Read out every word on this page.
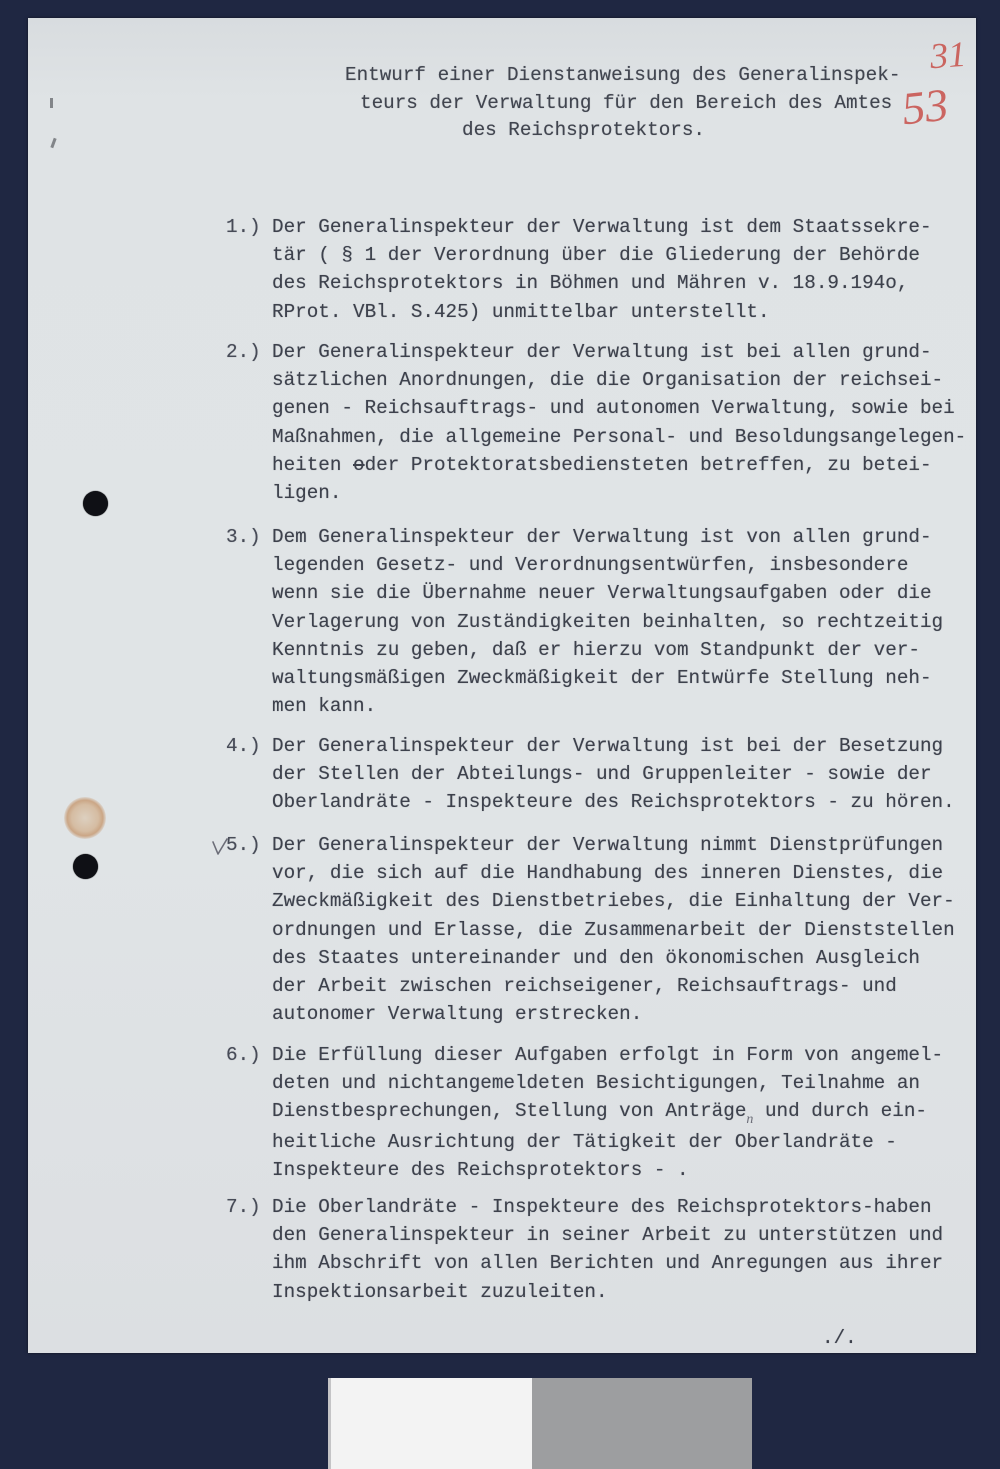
Entwurf einer Dienstanweisung des Generalinspek-
teurs der Verwaltung für den Bereich des Amtes
des Reichsprotektors.
31
53
1.) Der Generalinspekteur der Verwaltung ist dem Staatssekre-
tär ( § 1 der Verordnung über die Gliederung der Behörde
des Reichsprotektors in Böhmen und Mähren v. 18.9.194o,
RProt. VBl. S.425) unmittelbar unterstellt.
2.) Der Generalinspekteur der Verwaltung ist bei allen grund-
sätzlichen Anordnungen, die die Organisation der reichsei-
genen - Reichsauftrags- und autonomen Verwaltung, sowie bei
Maßnahmen, die allgemeine Personal- und Besoldungsangelegen-
heiten oder Protektoratsbediensteten betreffen, zu betei-
ligen.
3.) Dem Generalinspekteur der Verwaltung ist von allen grund-
legenden Gesetz- und Verordnungsentwürfen, insbesondere
wenn sie die Übernahme neuer Verwaltungsaufgaben oder die
Verlagerung von Zuständigkeiten beinhalten, so rechtzeitig
Kenntnis zu geben, daß er hierzu vom Standpunkt der ver-
waltungsmäßigen Zweckmäßigkeit der Entwürfe Stellung neh-
men kann.
4.) Der Generalinspekteur der Verwaltung ist bei der Besetzung
der Stellen der Abteilungs- und Gruppenleiter - sowie der
Oberlandräte - Inspekteure des Reichsprotektors - zu hören.
5.) Der Generalinspekteur der Verwaltung nimmt Dienstprüfungen
vor, die sich auf die Handhabung des inneren Dienstes, die
Zweckmäßigkeit des Dienstbetriebes, die Einhaltung der Ver-
ordnungen und Erlasse, die Zusammenarbeit der Dienststellen
des Staates untereinander und den ökonomischen Ausgleich
der Arbeit zwischen reichseigener, Reichsauftrags- und
autonomer Verwaltung erstrecken.
6.) Die Erfüllung dieser Aufgaben erfolgt in Form von angemel-
deten und nichtangemeldeten Besichtigungen, Teilnahme an
Dienstbesprechungen, Stellung von Anträge$_n$ und durch ein-
heitliche Ausrichtung der Tätigkeit der Oberlandräte -
Inspekteure des Reichsprotektors - .
7.) Die Oberlandräte - Inspekteure des Reichsprotektors-haben
den Generalinspekteur in seiner Arbeit zu unterstützen und
ihm Abschrift von allen Berichten und Anregungen aus ihrer
Inspektionsarbeit zuzuleiten.
./.
